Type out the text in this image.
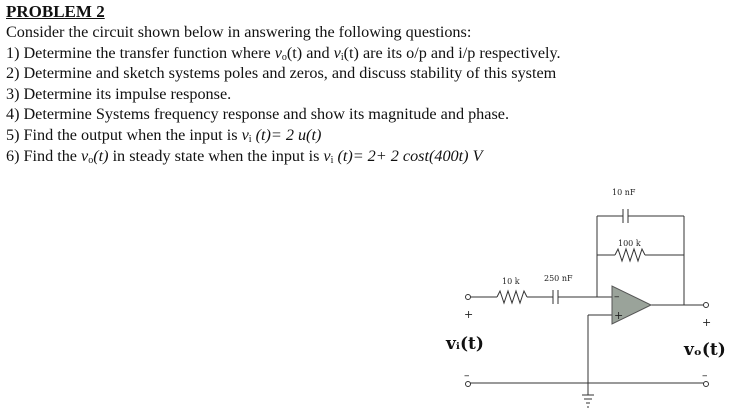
PROBLEM 2
Consider the circuit shown below in answering the following questions:
1) Determine the transfer function where $v_o(t)$ and $v_i(t)$ are its o/p and i/p respectively.
2) Determine and sketch systems poles and zeros, and discuss stability of this system
3) Determine its impulse response.
4) Determine Systems frequency response and show its magnitude and phase.
5) Find the output when the input is $v_i$ (t)= 2 u(t)
6) Find the $v_o(t)$ in steady state when the input is $v_i$ (t)= 2+ 2 cost(400t) V
–
+
10 nF
100 k
10 k	250 nF
+
–
+
–
vᵢ(t)	vₒ(t)
